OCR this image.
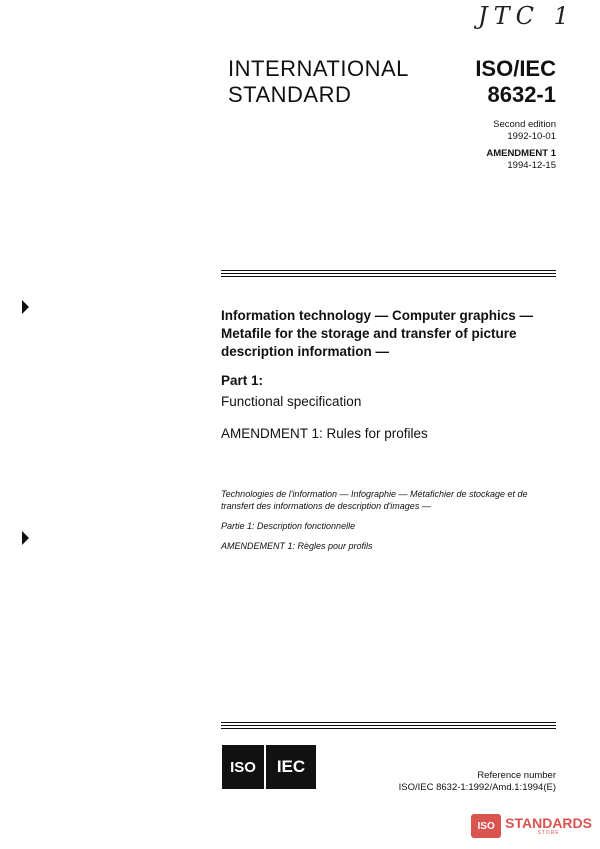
JTC 1
INTERNATIONAL
STANDARD
ISO/IEC
8632-1
Second edition
1992-10-01
AMENDMENT 1
1994-12-15
Information technology — Computer graphics — Metafile for the storage and transfer of picture description information —
Part 1:
Functional specification
AMENDMENT 1: Rules for profiles
Technologies de l'information — Infographie — Métafichier de stockage et de transfert des informations de description d'images —
Partie 1: Description fonctionnelle
AMENDEMENT 1: Règles pour profils
ISO	IEC	Reference number
ISO/IEC 8632-1:1992/Amd.1:1994(E)
ISO STANDARDS
STORE
